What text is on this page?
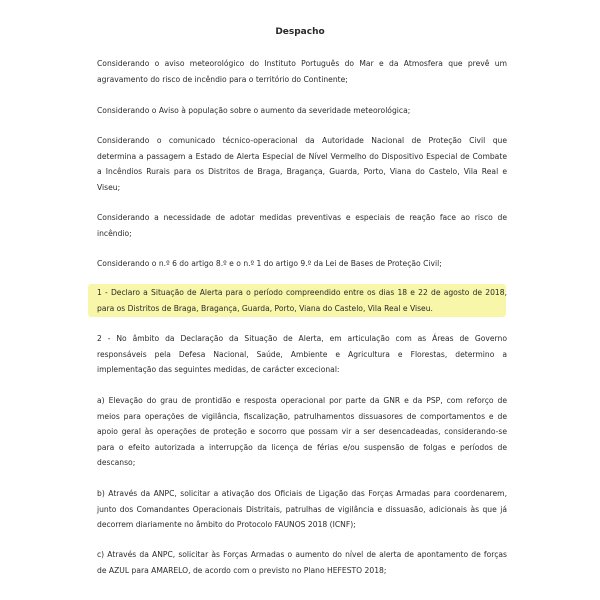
Despacho
Considerando o aviso meteorológico do Instituto Português do Mar e da Atmosfera que prevê um
agravamento do risco de incêndio para o território do Continente;
Considerando o Aviso à população sobre o aumento da severidade meteorológica;
Considerando o comunicado técnico-operacional da Autoridade Nacional de Proteção Civil que
determina a passagem a Estado de Alerta Especial de Nível Vermelho do Dispositivo Especial de Combate
a Incêndios Rurais para os Distritos de Braga, Bragança, Guarda, Porto, Viana do Castelo, Vila Real e
Viseu;
Considerando a necessidade de adotar medidas preventivas e especiais de reação face ao risco de
incêndio;
Considerando o n.º 6 do artigo 8.º e o n.º 1 do artigo 9.º da Lei de Bases de Proteção Civil;
1 - Declaro a Situação de Alerta para o período compreendido entre os dias 18 e 22 de agosto de 2018,
para os Distritos de Braga, Bragança, Guarda, Porto, Viana do Castelo, Vila Real e Viseu.
2 - No âmbito da Declaração da Situação de Alerta, em articulação com as Áreas de Governo
responsáveis pela Defesa Nacional, Saúde, Ambiente e Agricultura e Florestas, determino a
implementação das seguintes medidas, de carácter excecional:
a) Elevação do grau de prontidão e resposta operacional por parte da GNR e da PSP, com reforço de
meios para operações de vigilância, fiscalização, patrulhamentos dissuasores de comportamentos e de
apoio geral às operações de proteção e socorro que possam vir a ser desencadeadas, considerando-se
para o efeito autorizada a interrupção da licença de férias e/ou suspensão de folgas e períodos de
descanso;
b) Através da ANPC, solicitar a ativação dos Oficiais de Ligação das Forças Armadas para coordenarem,
junto dos Comandantes Operacionais Distritais, patrulhas de vigilância e dissuasão, adicionais às que já
decorrem diariamente no âmbito do Protocolo FAUNOS 2018 (ICNF);
c) Através da ANPC, solicitar às Forças Armadas o aumento do nível de alerta de apontamento de forças
de AZUL para AMARELO, de acordo com o previsto no Plano HEFESTO 2018;
